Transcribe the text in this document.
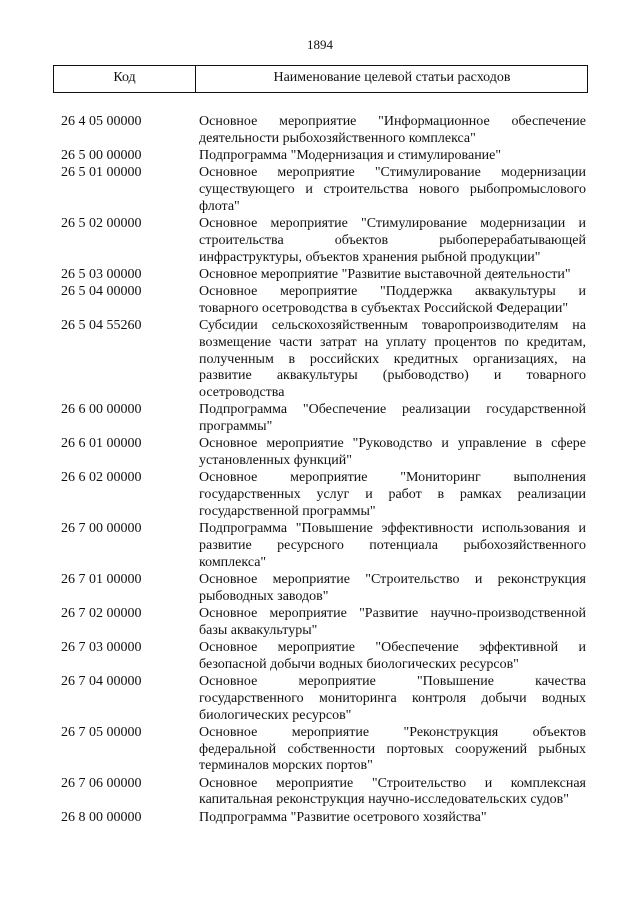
1894
Код	Наименование целевой статьи расходов
26 4 05 00000	Основное мероприятие "Информационное обеспечение
деятельности рыбохозяйственного комплекса"
26 5 00 00000	Подпрограмма "Модернизация и стимулирование"
26 5 01 00000	Основное мероприятие "Стимулирование модернизации
существующего и строительства нового рыбопромыслового
флота"
26 5 02 00000	Основное мероприятие "Стимулирование модернизации и
строительства объектов рыбоперерабатывающей
инфраструктуры, объектов хранения рыбной продукции"
26 5 03 00000	Основное мероприятие "Развитие выставочной деятельности"
26 5 04 00000	Основное мероприятие "Поддержка аквакультуры и
товарного осетроводства в субъектах Российской Федерации"
26 5 04 55260	Субсидии сельскохозяйственным товаропроизводителям на
возмещение части затрат на уплату процентов по кредитам,
полученным в российских кредитных организациях, на
развитие аквакультуры (рыбоводство) и товарного
осетроводства
26 6 00 00000	Подпрограмма "Обеспечение реализации государственной
программы"
26 6 01 00000	Основное мероприятие "Руководство и управление в сфере
установленных функций"
26 6 02 00000	Основное мероприятие "Мониторинг выполнения
государственных услуг и работ в рамках реализации
государственной программы"
26 7 00 00000	Подпрограмма "Повышение эффективности использования и
развитие ресурсного потенциала рыбохозяйственного
комплекса"
26 7 01 00000	Основное мероприятие "Строительство и реконструкция
рыбоводных заводов"
26 7 02 00000	Основное мероприятие "Развитие научно-производственной
базы аквакультуры"
26 7 03 00000	Основное мероприятие "Обеспечение эффективной и
безопасной добычи водных биологических ресурсов"
26 7 04 00000	Основное мероприятие "Повышение качества
государственного мониторинга контроля добычи водных
биологических ресурсов"
26 7 05 00000	Основное мероприятие "Реконструкция объектов
федеральной собственности портовых сооружений рыбных
терминалов морских портов"
26 7 06 00000	Основное мероприятие "Строительство и комплексная
капитальная реконструкция научно-исследовательских судов"
26 8 00 00000	Подпрограмма "Развитие осетрового хозяйства"
